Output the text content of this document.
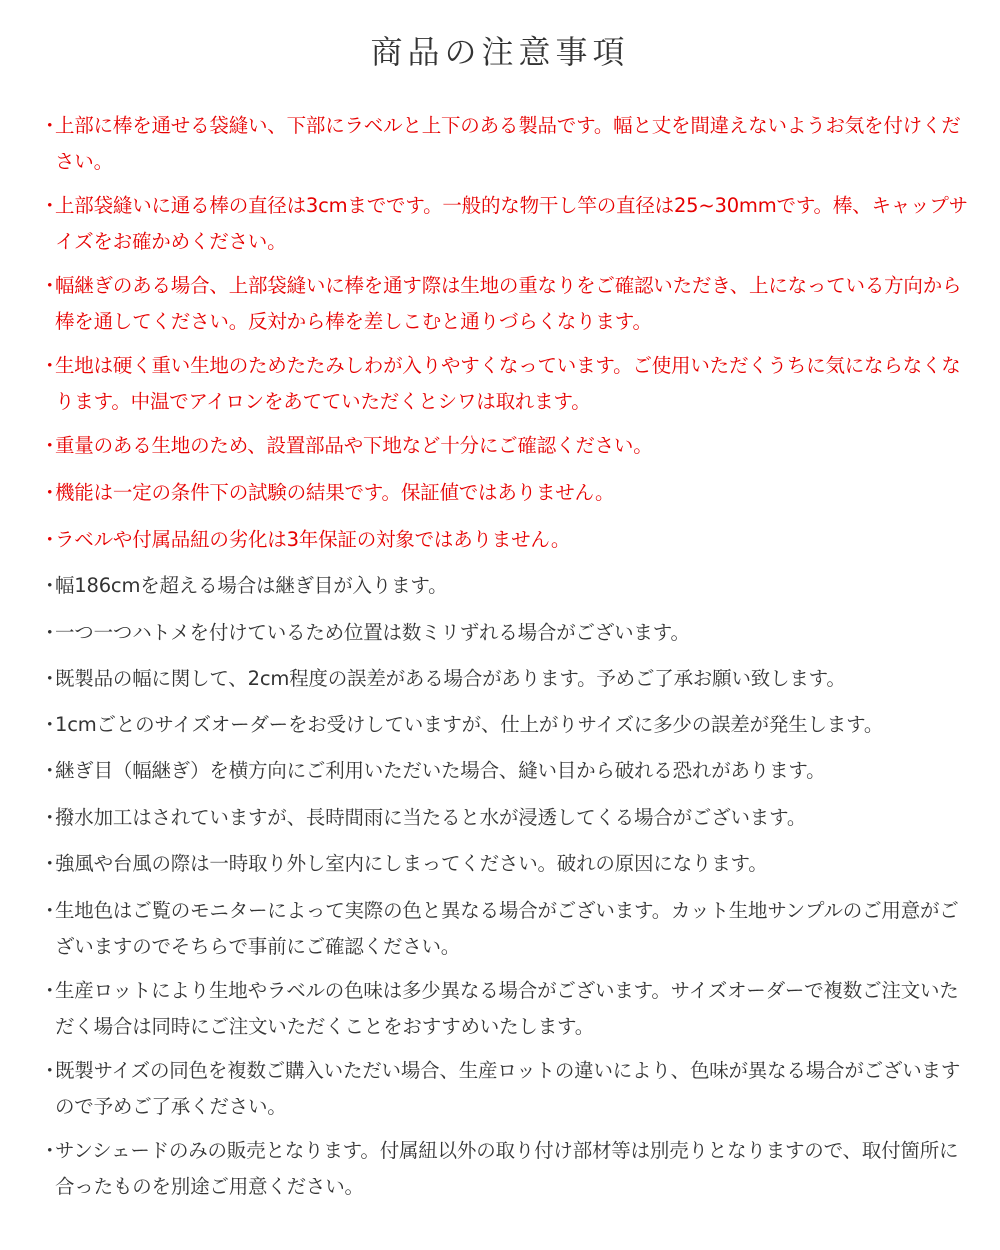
商品の注意事項
・
上部に棒を通せる袋縫い、下部にラベルと上下のある製品です。幅と丈を間違えないようお気を付けください。
・
上部袋縫いに通る棒の直径は3cmまでです。一般的な物干し竿の直径は25~30mmです。棒、キャップサイズをお確かめください。
・
幅継ぎのある場合、上部袋縫いに棒を通す際は生地の重なりをご確認いただき、上になっている方向から棒を通してください。反対から棒を差しこむと通りづらくなります。
・
生地は硬く重い生地のためたたみしわが入りやすくなっています。ご使用いただくうちに気にならなくなります。中温でアイロンをあてていただくとシワは取れます。
・
重量のある生地のため、設置部品や下地など十分にご確認ください。
・
機能は一定の条件下の試験の結果です。保証値ではありません。
・
ラベルや付属品紐の劣化は3年保証の対象ではありません。
・
幅186cmを超える場合は継ぎ目が入ります。
・
一つ一つハトメを付けているため位置は数ミリずれる場合がございます。
・
既製品の幅に関して、2cm程度の誤差がある場合があります。予めご了承お願い致します。
・
1cmごとのサイズオーダーをお受けしていますが、仕上がりサイズに多少の誤差が発生します。
・
継ぎ目（幅継ぎ）を横方向にご利用いただいた場合、縫い目から破れる恐れがあります。
・
撥水加工はされていますが、長時間雨に当たると水が浸透してくる場合がございます。
・
強風や台風の際は一時取り外し室内にしまってください。破れの原因になります。
・
生地色はご覧のモニターによって実際の色と異なる場合がございます。カット生地サンプルのご用意がございますのでそちらで事前にご確認ください。
・
生産ロットにより生地やラベルの色味は多少異なる場合がございます。サイズオーダーで複数ご注文いただく場合は同時にご注文いただくことをおすすめいたします。
・
既製サイズの同色を複数ご購入いただい場合、生産ロットの違いにより、色味が異なる場合がございますので予めご了承ください。
・
サンシェードのみの販売となります。付属紐以外の取り付け部材等は別売りとなりますので、取付箇所に合ったものを別途ご用意ください。
